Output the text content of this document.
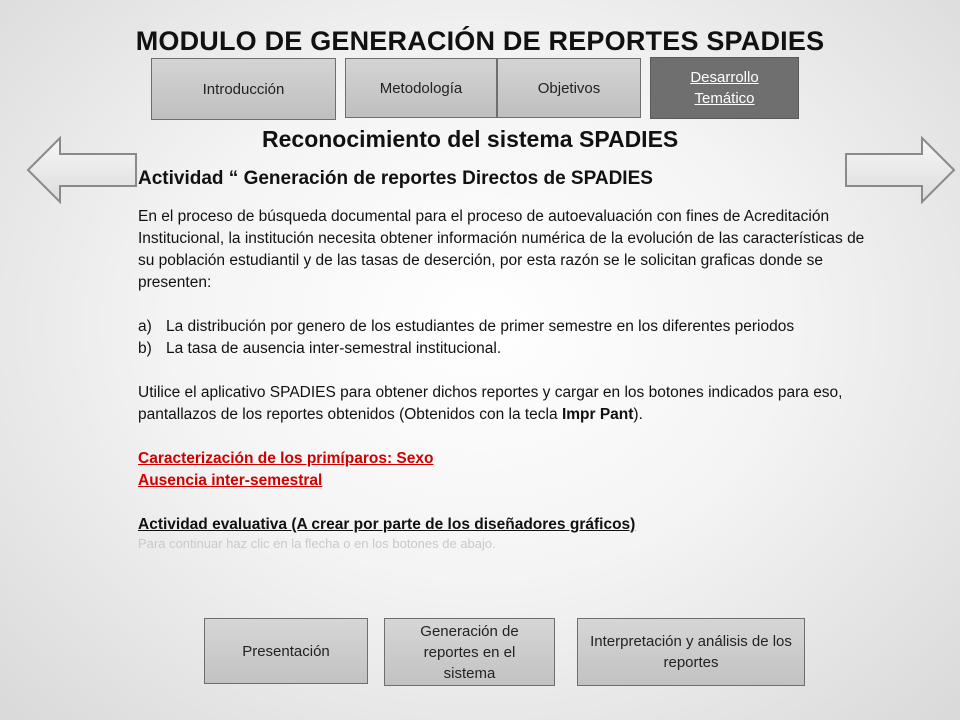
MODULO DE GENERACIÓN DE REPORTES SPADIES
Introducción	Metodología	Objetivos
Desarrollo Temático
Reconocimiento del sistema SPADIES
Actividad “ Generación de reportes Directos de SPADIES

En el proceso de búsqueda documental para el proceso de autoevaluación con fines de Acreditación Institucional, la institución necesita obtener información numérica de la evolución de las características de su población estudiantil y de las tasas de deserción, por esta razón se le solicitan graficas donde se presenten:

a) La distribución por genero de los estudiantes de primer semestre en los diferentes periodos
b) La tasa de ausencia inter-semestral institucional.

Utilice el aplicativo SPADIES para obtener dichos reportes y cargar en los botones indicados para eso, pantallazos de los reportes obtenidos (Obtenidos con la tecla Impr Pant).

Caracterización de los primíparos: Sexo
Ausencia inter-semestral
Actividad evaluativa (A crear por parte de los diseñadores gráficos)
Para continuar haz clic en la flecha o en los botones de abajo.
Presentación
Generación de reportes en el sistema
Interpretación y análisis de los reportes
